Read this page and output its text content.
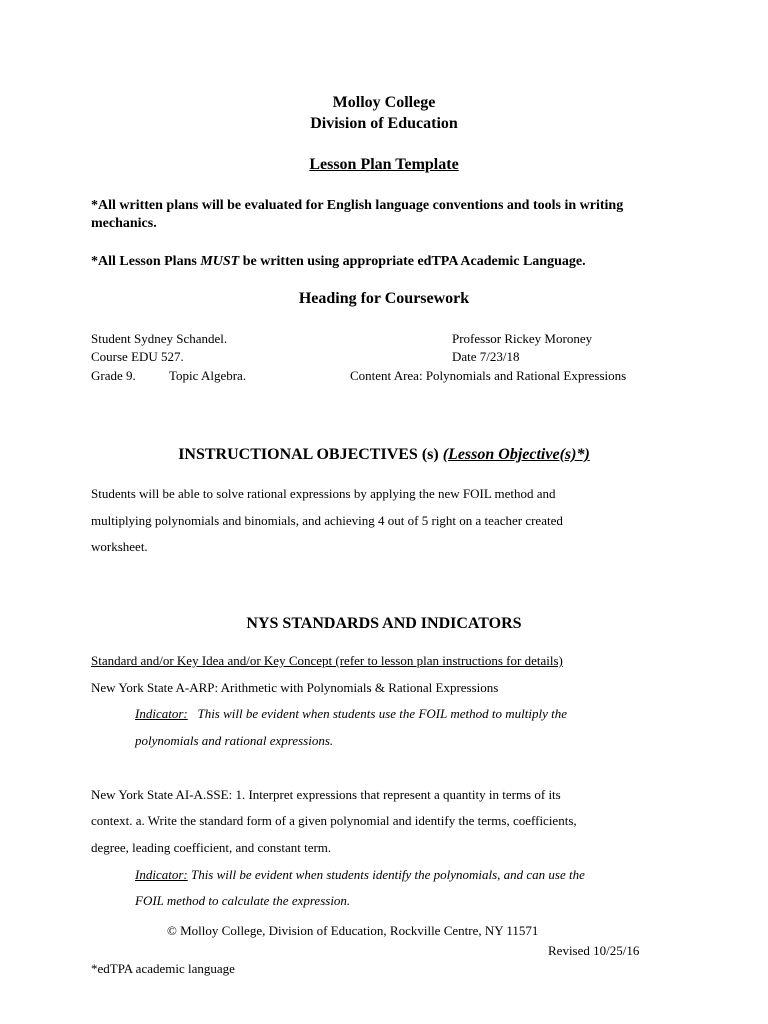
Molloy College
Division of Education
Lesson Plan Template
*All written plans will be evaluated for English language conventions and tools in writing
mechanics.
*All Lesson Plans MUST be written using appropriate edTPA Academic Language.
Heading for Coursework
Student Sydney Schandel.	Professor Rickey Moroney
Course EDU 527.	Date 7/23/18
Grade 9.	Topic Algebra.	Content Area: Polynomials and Rational Expressions
INSTRUCTIONAL OBJECTIVES (s) (Lesson Objective(s)*)
Students will be able to solve rational expressions by applying the new FOIL method and
multiplying polynomials and binomials, and achieving 4 out of 5 right on a teacher created
worksheet.
NYS STANDARDS AND INDICATORS
Standard and/or Key Idea and/or Key Concept (refer to lesson plan instructions for details)
New York State A-ARP: Arithmetic with Polynomials & Rational Expressions
Indicator: This will be evident when students use the FOIL method to multiply the
polynomials and rational expressions.
New York State AI-A.SSE: 1. Interpret expressions that represent a quantity in terms of its
context. a. Write the standard form of a given polynomial and identify the terms, coefficients,
degree, leading coefficient, and constant term.
Indicator: This will be evident when students identify the polynomials, and can use the
FOIL method to calculate the expression.
© Molloy College, Division of Education, Rockville Centre, NY 11571
Revised 10/25/16
*edTPA academic language
